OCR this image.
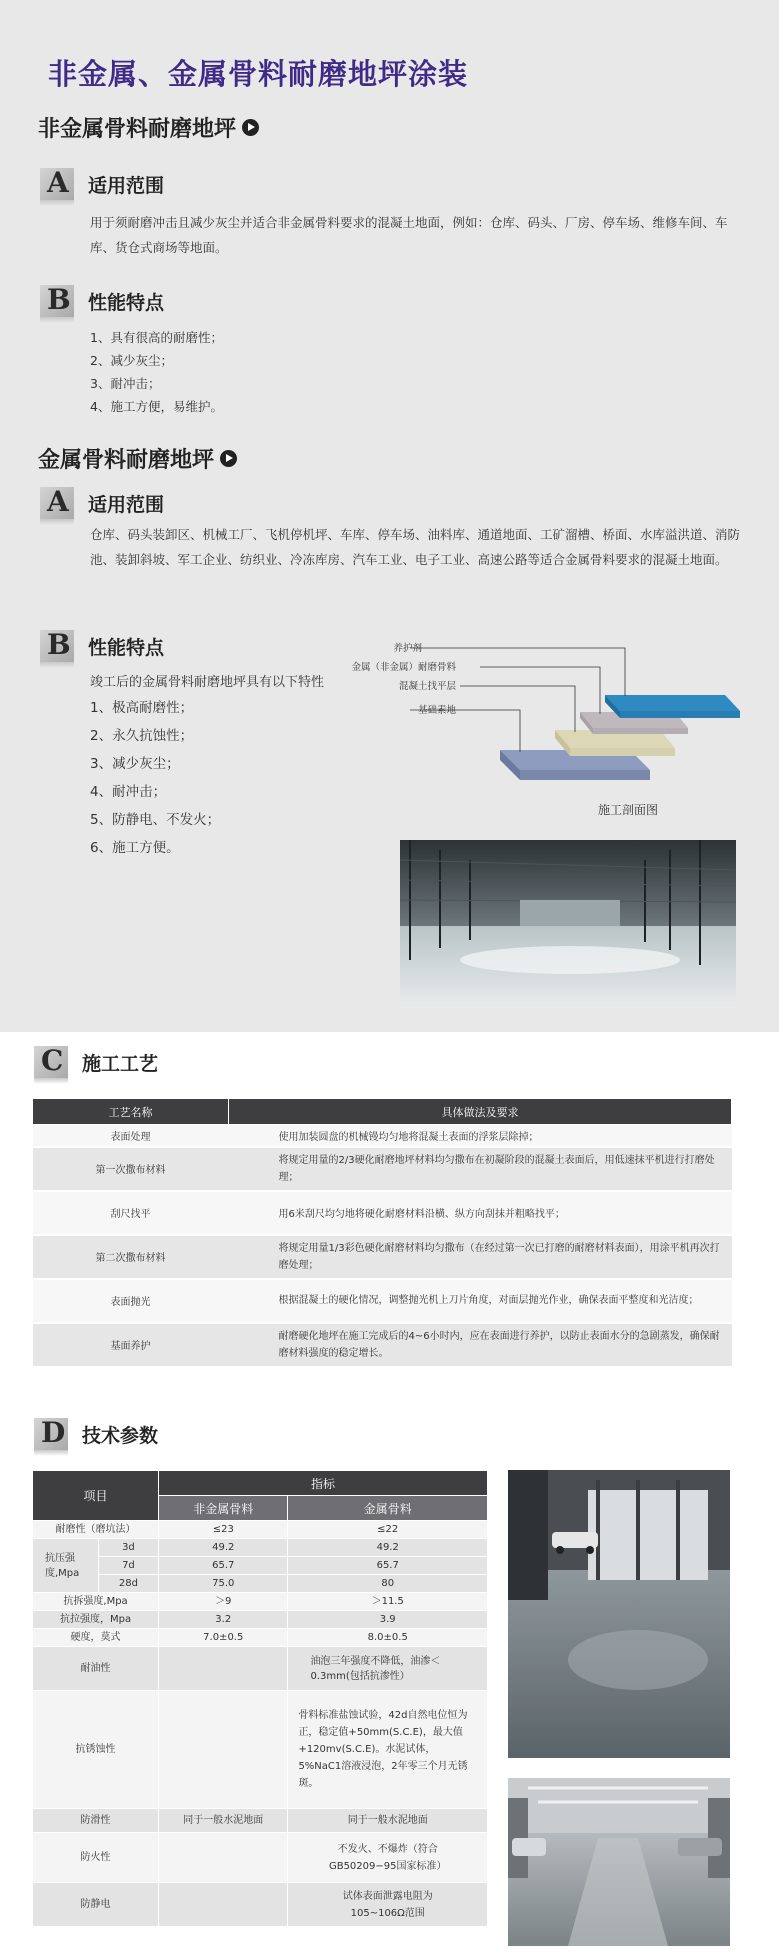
非金属、金属骨料耐磨地坪涂装
非金属骨料耐磨地坪
A 适用范围
用于须耐磨冲击且减少灰尘并适合非金属骨料要求的混凝土地面，例如：仓库、码头、厂房、停车场、维修车间、车库、货仓式商场等地面。
B 性能特点
1、具有很高的耐磨性；
2、减少灰尘；
3、耐冲击；
4、施工方便，易维护。
金属骨料耐磨地坪
A 适用范围
仓库、码头装卸区、机械工厂、飞机停机坪、车库、停车场、油料库、通道地面、工矿溜槽、桥面、水库溢洪道、消防池、装卸斜坡、军工企业、纺织业、冷冻库房、汽车工业、电子工业、高速公路等适合金属骨料要求的混凝土地面。
B 性能特点
竣工后的金属骨料耐磨地坪具有以下特性
1、极高耐磨性；
2、永久抗蚀性；
3、减少灰尘；
4、耐冲击；
5、防静电、不发火；
6、施工方便。
养护剂
金属（非金属）耐磨骨料
混凝土找平层
基础素地
施工剖面图
C 施工工艺
工艺名称	具体做法及要求
表面处理	使用加装圆盘的机械镘均匀地将混凝土表面的浮浆层除掉；
第一次撒布材料	将规定用量的2/3硬化耐磨地坪材料均匀撒布在初凝阶段的混凝土表面后，用低速抹平机进行打磨处理；
刮尺找平	用6米刮尺均匀地将硬化耐磨材料沿横、纵方向刮抹并粗略找平；
第二次撒布材料	将规定用量1/3彩色硬化耐磨材料均匀撒布（在经过第一次已打磨的耐磨材料表面），用涂平机再次打磨处理；
表面抛光	根据混凝土的硬化情况，调整抛光机上刀片角度，对面层抛光作业，确保表面平整度和光洁度；
基面养护	耐磨硬化地坪在施工完成后的4~6小时内，应在表面进行养护，以防止表面水分的急剧蒸发，确保耐磨材料强度的稳定增长。
D 技术参数
项目		指标	
		非金属骨料	金属骨料
耐磨性（磨坑法）		≤23	≤22
抗压强度,Mpa	3d	49.2	49.2
	7d	65.7	65.7
	28d	75.0	80
抗拆强度,Mpa		＞9	＞11.5
抗拉强度，Mpa		3.2	3.9
硬度，莫式		7.0±0.5	8.0±0.5
耐油性			油泡三年强度不降低，油渗＜0.3mm(包括抗渗性）
抗锈蚀性			骨料标准盐蚀试验，42d自然电位恒为正，稳定值+50mm(S.C.E)，最大值+120mv(S.C.E)。水泥试体，5%NaC1溶液浸泡，2年零三个月无锈斑。
防滑性		同于一般水泥地面	同于一般水泥地面
防火性			不发火、不爆炸（符合GB50209−95国家标准）
防静电			试体表面泄露电阻为105~106Ω范围
